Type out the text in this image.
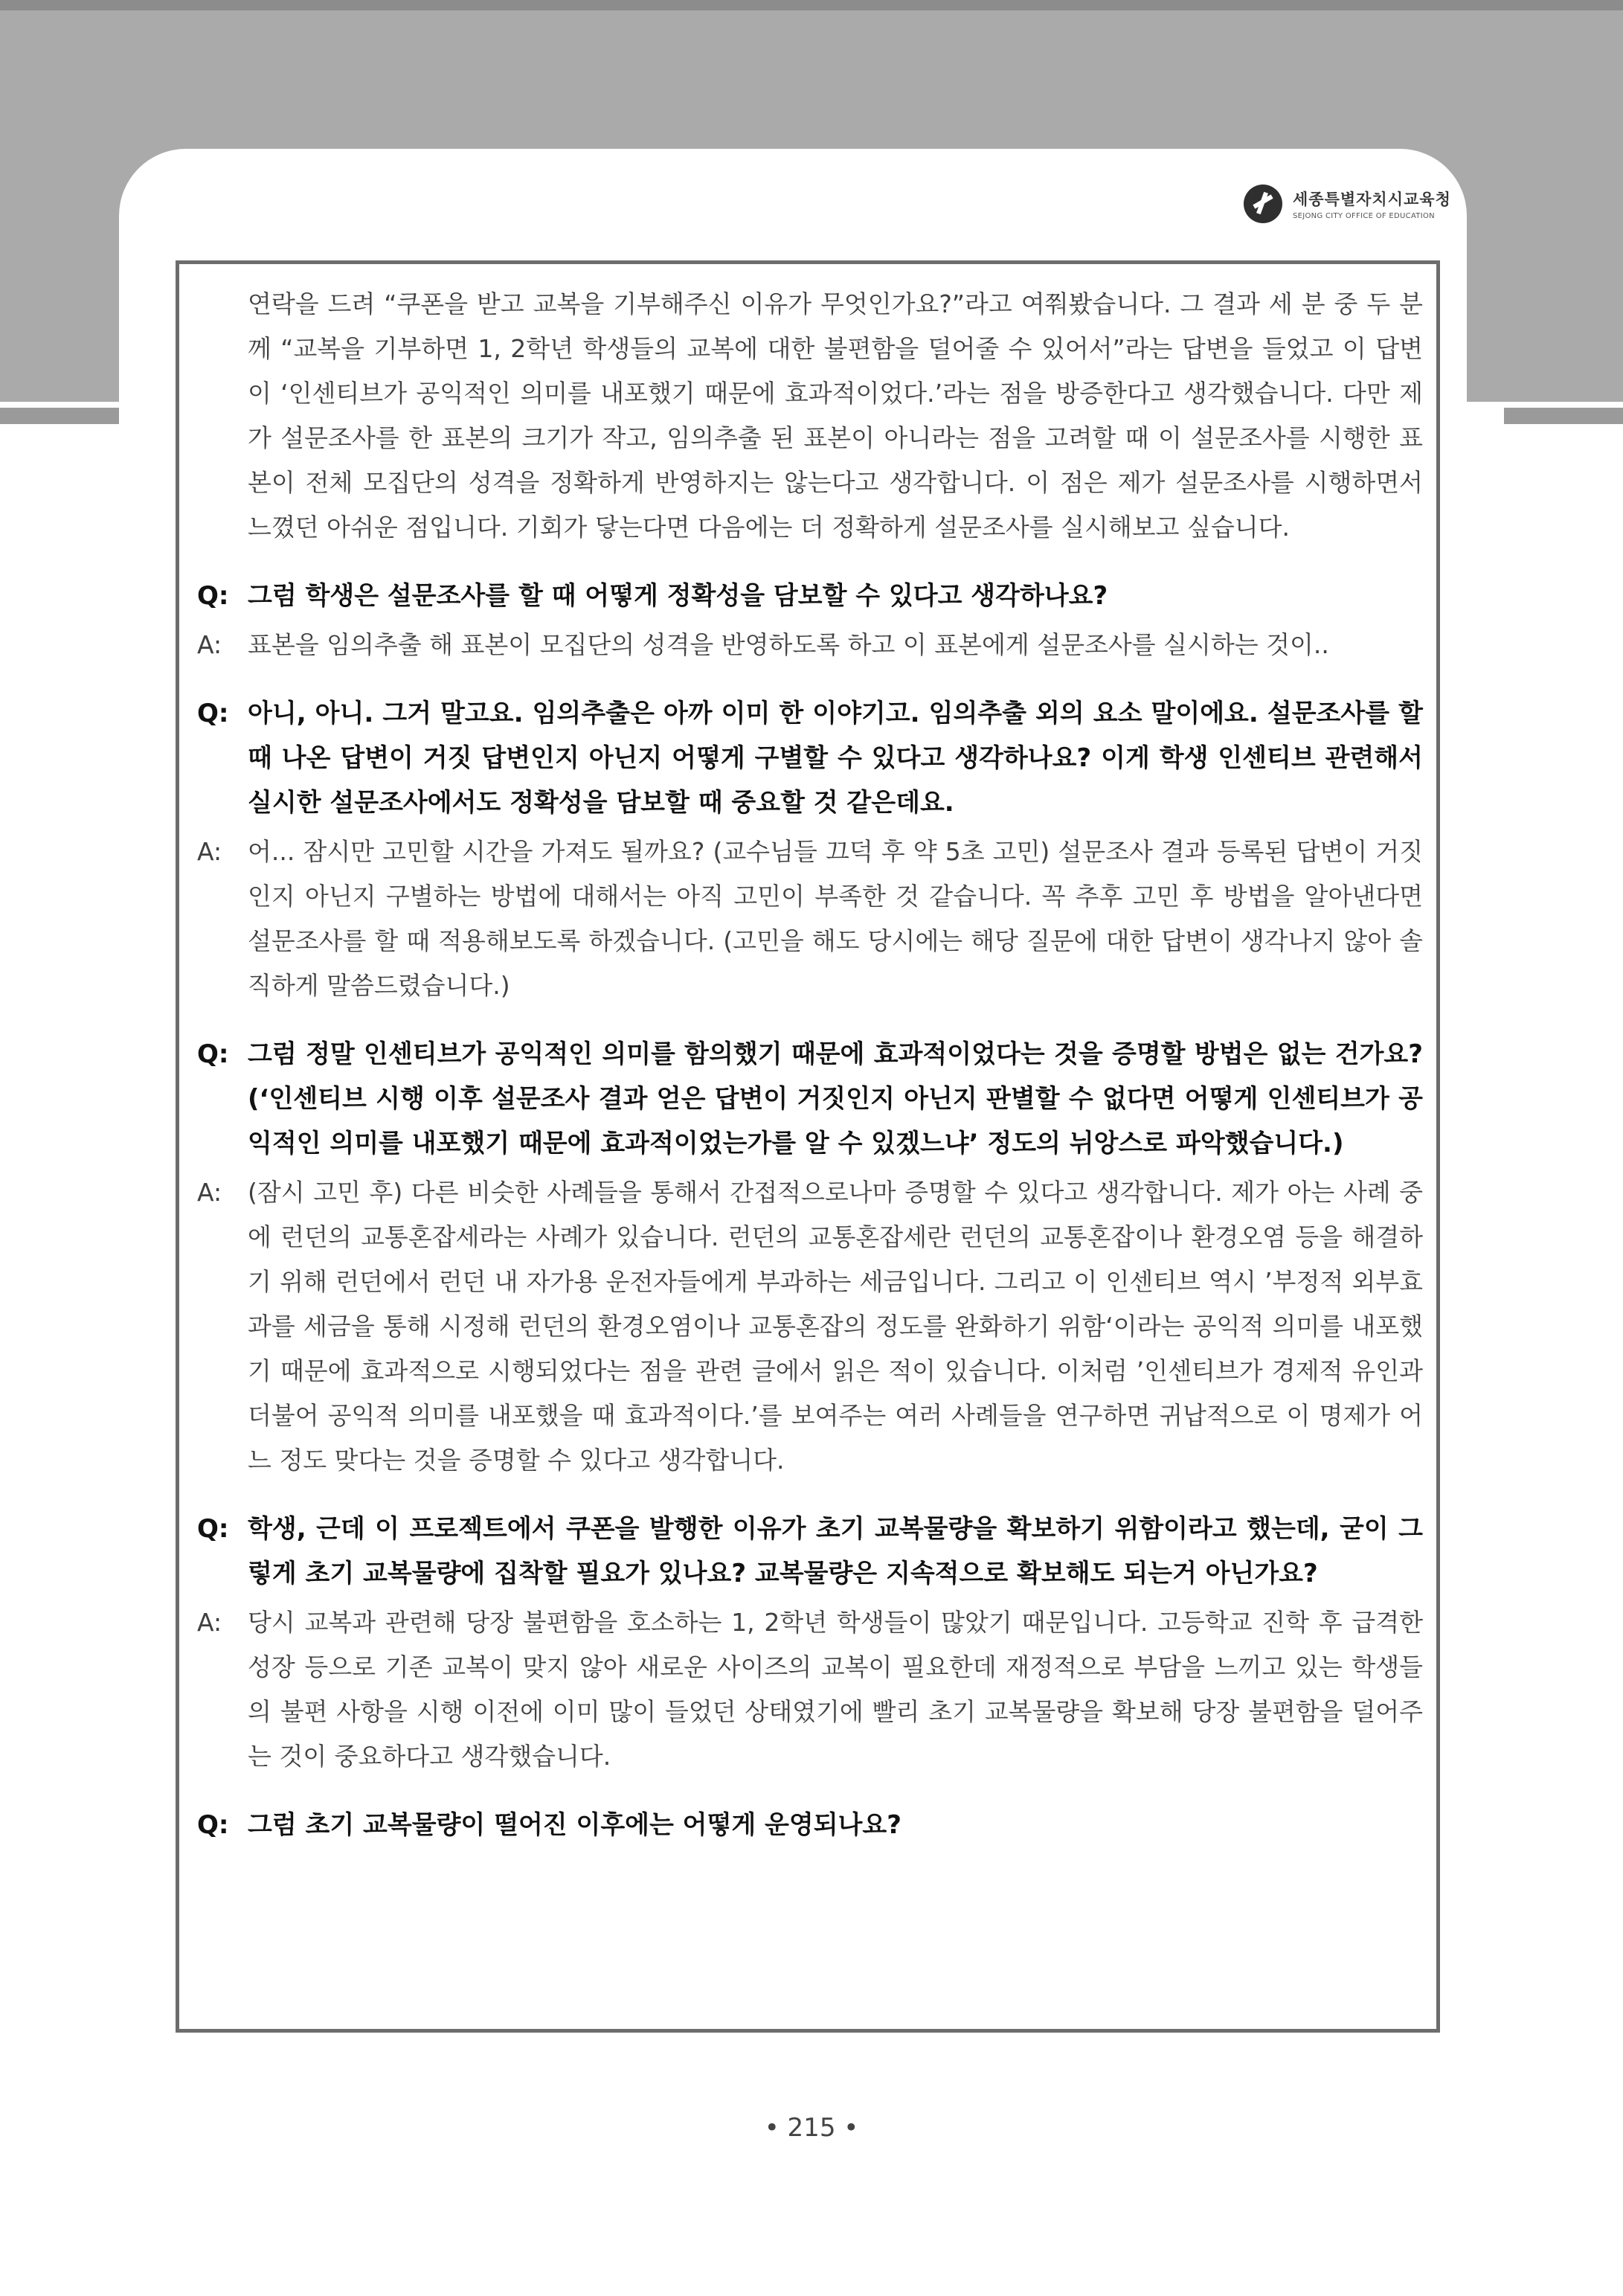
세종특별자치시교육청
SEJONG CITY OFFICE OF EDUCATION

연락을 드려 “쿠폰을 받고 교복을 기부해주신 이유가 무엇인가요?”라고 여쭤봤습니다. 그 결과 세 분 중 두 분께 “교복을 기부하면 1, 2학년 학생들의 교복에 대한 불편함을 덜어줄 수 있어서”라는 답변을 들었고 이 답변이 ‘인센티브가 공익적인 의미를 내포했기 때문에 효과적이었다.’라는 점을 방증한다고 생각했습니다. 다만 제가 설문조사를 한 표본의 크기가 작고, 임의추출 된 표본이 아니라는 점을 고려할 때 이 설문조사를 시행한 표본이 전체 모집단의 성격을 정확하게 반영하지는 않는다고 생각합니다. 이 점은 제가 설문조사를 시행하면서 느꼈던 아쉬운 점입니다. 기회가 닿는다면 다음에는 더 정확하게 설문조사를 실시해보고 싶습니다.

Q: 그럼 학생은 설문조사를 할 때 어떻게 정확성을 담보할 수 있다고 생각하나요?
A: 표본을 임의추출 해 표본이 모집단의 성격을 반영하도록 하고 이 표본에게 설문조사를 실시하는 것이..
Q: 아니, 아니. 그거 말고요. 임의추출은 아까 이미 한 이야기고. 임의추출 외의 요소 말이에요. 설문조사를 할 때 나온 답변이 거짓 답변인지 아닌지 어떻게 구별할 수 있다고 생각하나요? 이게 학생 인센티브 관련해서 실시한 설문조사에서도 정확성을 담보할 때 중요할 것 같은데요.
A: 어... 잠시만 고민할 시간을 가져도 될까요? (교수님들 끄덕 후 약 5초 고민) 설문조사 결과 등록된 답변이 거짓인지 아닌지 구별하는 방법에 대해서는 아직 고민이 부족한 것 같습니다. 꼭 추후 고민 후 방법을 알아낸다면 설문조사를 할 때 적용해보도록 하겠습니다. (고민을 해도 당시에는 해당 질문에 대한 답변이 생각나지 않아 솔직하게 말씀드렸습니다.)
Q: 그럼 정말 인센티브가 공익적인 의미를 함의했기 때문에 효과적이었다는 것을 증명할 방법은 없는 건가요? (‘인센티브 시행 이후 설문조사 결과 얻은 답변이 거짓인지 아닌지 판별할 수 없다면 어떻게 인센티브가 공익적인 의미를 내포했기 때문에 효과적이었는가를 알 수 있겠느냐’ 정도의 뉘앙스로 파악했습니다.)
A: (잠시 고민 후) 다른 비슷한 사례들을 통해서 간접적으로나마 증명할 수 있다고 생각합니다. 제가 아는 사례 중에 런던의 교통혼잡세라는 사례가 있습니다. 런던의 교통혼잡세란 런던의 교통혼잡이나 환경오염 등을 해결하기 위해 런던에서 런던 내 자가용 운전자들에게 부과하는 세금입니다. 그리고 이 인센티브 역시 ’부정적 외부효과를 세금을 통해 시정해 런던의 환경오염이나 교통혼잡의 정도를 완화하기 위함‘이라는 공익적 의미를 내포했기 때문에 효과적으로 시행되었다는 점을 관련 글에서 읽은 적이 있습니다. 이처럼 ’인센티브가 경제적 유인과 더불어 공익적 의미를 내포했을 때 효과적이다.’를 보여주는 여러 사례들을 연구하면 귀납적으로 이 명제가 어느 정도 맞다는 것을 증명할 수 있다고 생각합니다.
Q: 학생, 근데 이 프로젝트에서 쿠폰을 발행한 이유가 초기 교복물량을 확보하기 위함이라고 했는데, 굳이 그렇게 초기 교복물량에 집착할 필요가 있나요? 교복물량은 지속적으로 확보해도 되는거 아닌가요?
A: 당시 교복과 관련해 당장 불편함을 호소하는 1, 2학년 학생들이 많았기 때문입니다. 고등학교 진학 후 급격한 성장 등으로 기존 교복이 맞지 않아 새로운 사이즈의 교복이 필요한데 재정적으로 부담을 느끼고 있는 학생들의 불편 사항을 시행 이전에 이미 많이 들었던 상태였기에 빨리 초기 교복물량을 확보해 당장 불편함을 덜어주는 것이 중요하다고 생각했습니다.
Q: 그럼 초기 교복물량이 떨어진 이후에는 어떻게 운영되나요?
• 215 •
